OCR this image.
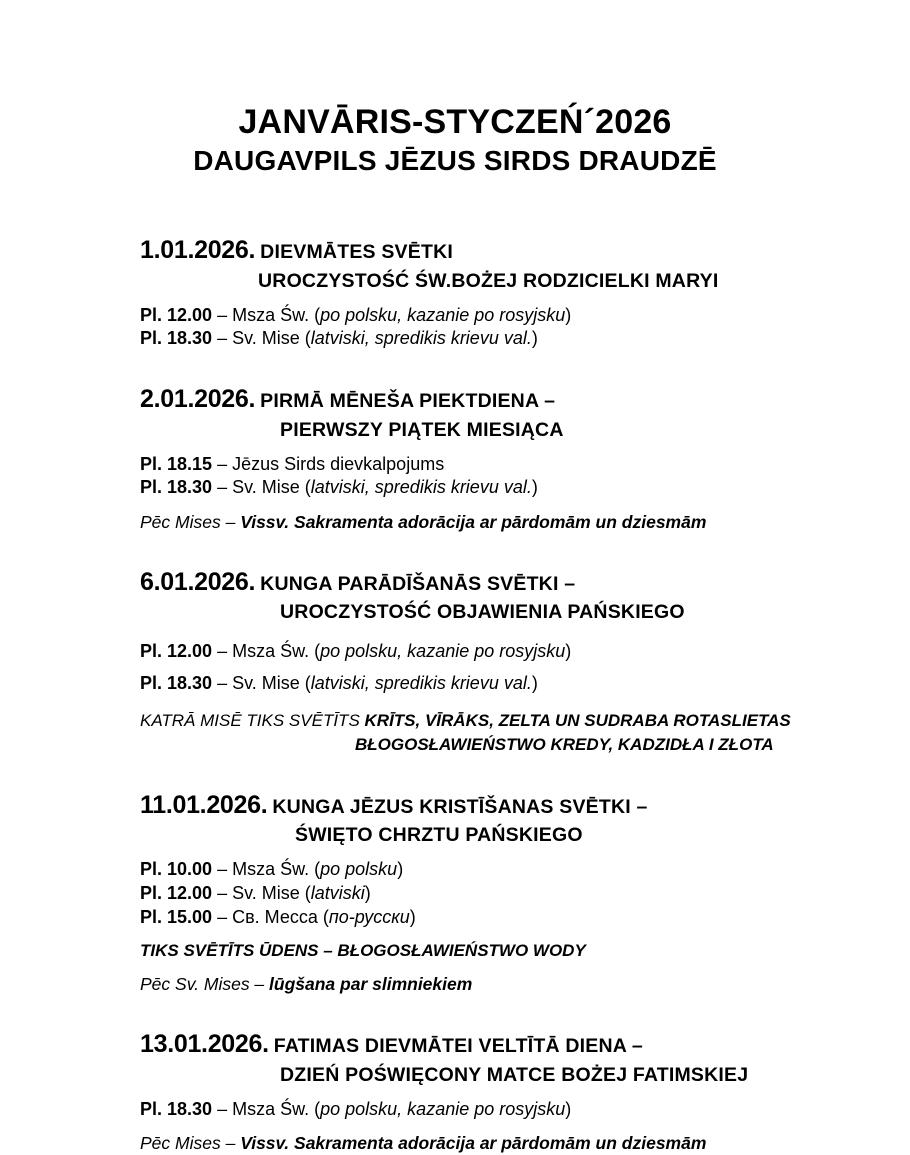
JANVĀRIS-STYCZEŃ´2026
DAUGAVPILS JĒZUS SIRDS DRAUDZĒ
1.01.2026. DIEVMĀTES SVĒTKI
UROCZYSTOŚĆ ŚW.BOŻEJ RODZICIELKI MARYI
Pl. 12.00 – Msza Św. (po polsku, kazanie po rosyjsku)
Pl. 18.30 – Sv. Mise (latviski, spredikis krievu val.)
2.01.2026. PIRMĀ MĒNEŠA PIEKTDIENA –
PIERWSZY PIĄTEK MIESIĄCA
Pl. 18.15 – Jēzus Sirds dievkalpojums
Pl. 18.30 – Sv. Mise (latviski, spredikis krievu val.)
Pēc Mises – Vissv. Sakramenta adorācija ar pārdomām un dziesmām
6.01.2026. KUNGA PARĀDĪŠANĀS SVĒTKI –
UROCZYSTOŚĆ OBJAWIENIA PAŃSKIEGO
Pl. 12.00 – Msza Św. (po polsku, kazanie po rosyjsku)
Pl. 18.30 – Sv. Mise (latviski, spredikis krievu val.)
KATRĀ MISĒ TIKS SVĒTĪTS KRĪTS, VĪRĀKS, ZELTA UN SUDRABA ROTASLIETAS
BŁOGOSŁAWIEŃSTWO KREDY, KADZIDŁA I ZŁOTA
11.01.2026. KUNGA JĒZUS KRISTĪŠANAS SVĒTKI –
ŚWIĘTO CHRZTU PAŃSKIEGO
Pl. 10.00 – Msza Św. (po polsku)
Pl. 12.00 – Sv. Mise (latviski)
Pl. 15.00 – Св. Месса (по-русски)
TIKS SVĒTĪTS ŪDENS – BŁOGOSŁAWIEŃSTWO WODY
Pēc Sv. Mises – lūgšana par slimniekiem
13.01.2026. FATIMAS DIEVMĀTEI VELTĪTĀ DIENA –
DZIEŃ POŚWIĘCONY MATCE BOŻEJ FATIMSKIEJ
Pl. 18.30 – Msza Św. (po polsku, kazanie po rosyjsku)
Pēc Mises – Vissv. Sakramenta adorācija ar pārdomām un dziesmām
